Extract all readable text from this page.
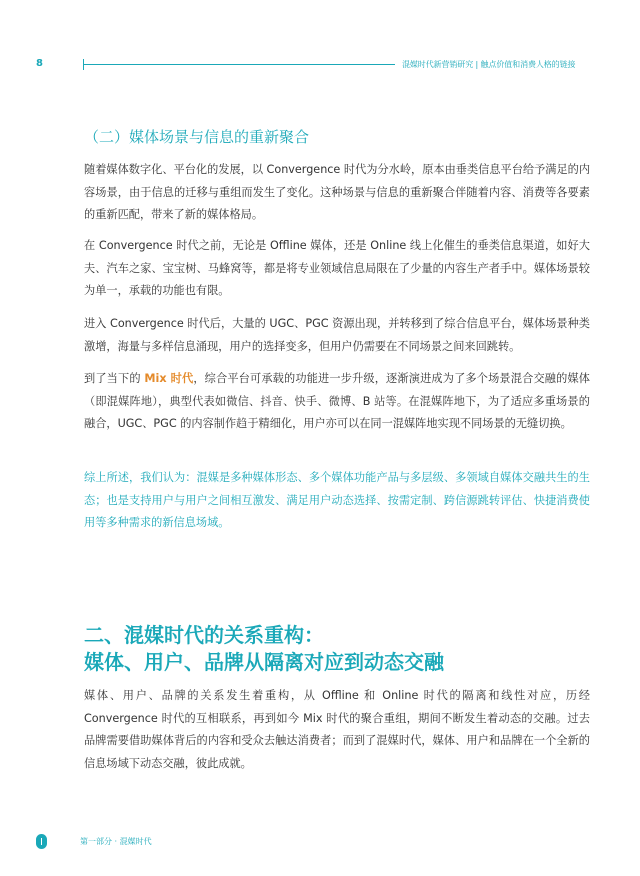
8	混媒时代新营销研究 | 触点价值和消费人格的链接
（二）媒体场景与信息的重新聚合

随着媒体数字化、平台化的发展，以 Convergence 时代为分水岭，原本由垂类信息平台给予满足的内容场景，由于信息的迁移与重组而发生了变化。这种场景与信息的重新聚合伴随着内容、消费等各要素的重新匹配，带来了新的媒体格局。

在 Convergence 时代之前，无论是 Offline 媒体，还是 Online 线上化催生的垂类信息渠道，如好大夫、汽车之家、宝宝树、马蜂窝等，都是将专业领域信息局限在了少量的内容生产者手中。媒体场景较为单一，承载的功能也有限。

进入 Convergence 时代后，大量的 UGC、PGC 资源出现，并转移到了综合信息平台，媒体场景种类激增，海量与多样信息涌现，用户的选择变多，但用户仍需要在不同场景之间来回跳转。

到了当下的 Mix 时代，综合平台可承载的功能进一步升级，逐渐演进成为了多个场景混合交融的媒体（即混媒阵地），典型代表如微信、抖音、快手、微博、B 站等。在混媒阵地下，为了适应多重场景的融合，UGC、PGC 的内容制作趋于精细化，用户亦可以在同一混媒阵地实现不同场景的无缝切换。

综上所述，我们认为：混媒是多种媒体形态、多个媒体功能产品与多层级、多领域自媒体交融共生的生态；也是支持用户与用户之间相互激发、满足用户动态选择、按需定制、跨信源跳转评估、快捷消费使用等多种需求的新信息场域。

二、混媒时代的关系重构：
媒体、用户、品牌从隔离对应到动态交融

媒体、用户、品牌的关系发生着重构，从 Offline 和 Online 时代的隔离和线性对应，历经 Convergence 时代的互相联系，再到如今 Mix 时代的聚合重组，期间不断发生着动态的交融。过去品牌需要借助媒体背后的内容和受众去触达消费者；而到了混媒时代，媒体、用户和品牌在一个全新的信息场域下动态交融，彼此成就。

第一部分 · 混媒时代
